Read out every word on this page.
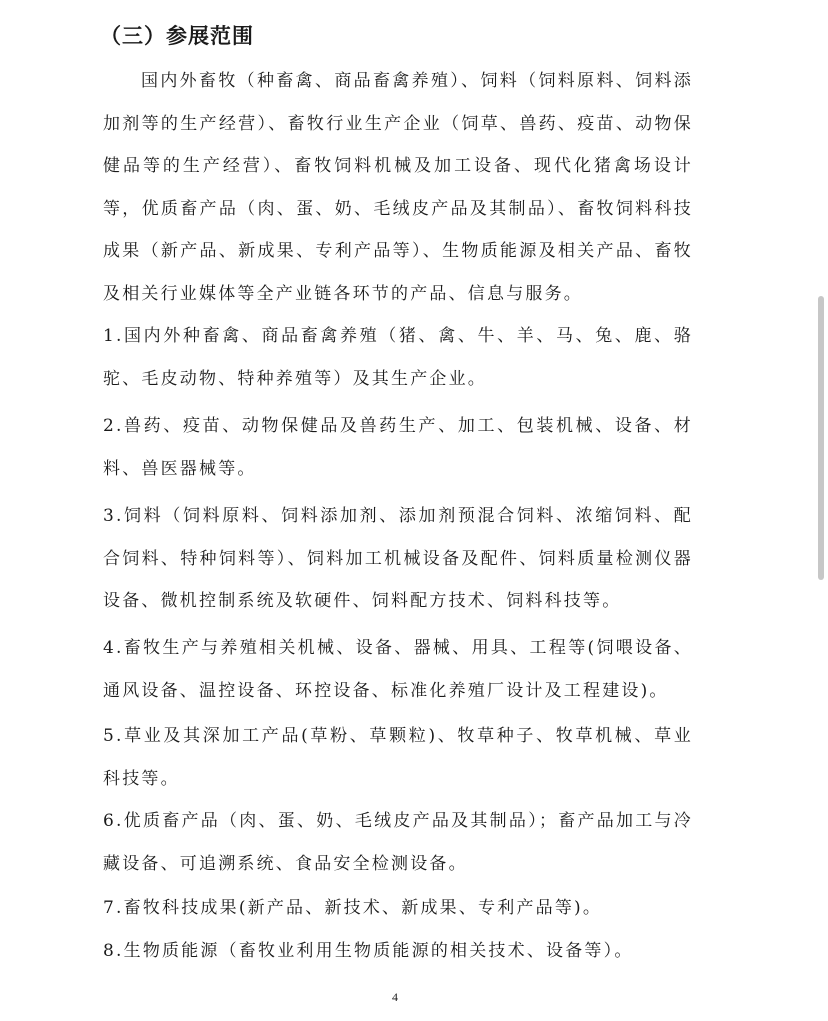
（三）参展范围
国内外畜牧（种畜禽、商品畜禽养殖）、饲料（饲料原料、饲料添加剂等的生产经营）、畜牧行业生产企业（饲草、兽药、疫苗、动物保健品等的生产经营）、畜牧饲料机械及加工设备、现代化猪禽场设计等，优质畜产品（肉、蛋、奶、毛绒皮产品及其制品）、畜牧饲料科技成果（新产品、新成果、专利产品等）、生物质能源及相关产品、畜牧及相关行业媒体等全产业链各环节的产品、信息与服务。
1.国内外种畜禽、商品畜禽养殖（猪、禽、牛、羊、马、兔、鹿、骆驼、毛皮动物、特种养殖等）及其生产企业。
2.兽药、疫苗、动物保健品及兽药生产、加工、包装机械、设备、材料、兽医器械等。
3.饲料（饲料原料、饲料添加剂、添加剂预混合饲料、浓缩饲料、配合饲料、特种饲料等）、饲料加工机械设备及配件、饲料质量检测仪器设备、微机控制系统及软硬件、饲料配方技术、饲料科技等。
4.畜牧生产与养殖相关机械、设备、器械、用具、工程等(饲喂设备、通风设备、温控设备、环控设备、标准化养殖厂设计及工程建设)。
5.草业及其深加工产品(草粉、草颗粒)、牧草种子、牧草机械、草业科技等。
6.优质畜产品（肉、蛋、奶、毛绒皮产品及其制品）；畜产品加工与冷藏设备、可追溯系统、食品安全检测设备。
7.畜牧科技成果(新产品、新技术、新成果、专利产品等)。
8.生物质能源（畜牧业利用生物质能源的相关技术、设备等）。
4
